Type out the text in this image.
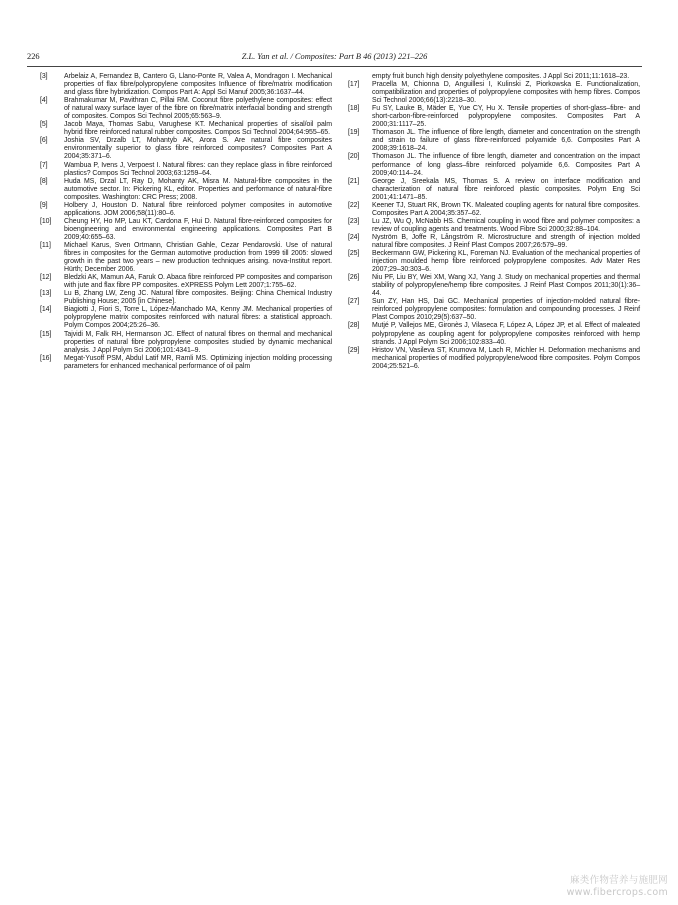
226	Z.L. Yan et al. / Composites: Part B 46 (2013) 221–226
[3]	Arbelaiz A, Fernandez B, Cantero G, Llano-Ponte R, Valea A, Mondragon I. Mechanical properties of flax fibre/polypropylene composites Influence of fibre/matrix modification and glass fibre hybridization. Compos Part A: Appl Sci Manuf 2005;36:1637–44.
[4]	Brahmakumar M, Pavithran C, Pillai RM. Coconut fibre polyethylene composites: effect of natural waxy surface layer of the fibre on fibre/matrix interfacial bonding and strength of composites. Compos Sci Technol 2005;65:563–9.
[5]	Jacob Maya, Thomas Sabu, Varughese KT. Mechanical properties of sisal/oil palm hybrid fibre reinforced natural rubber composites. Compos Sci Technol 2004;64:955–65.
[6]	Joshia SV, Drzalb LT, Mohantyb AK, Arora S. Are natural fibre composites environmentally superior to glass fibre reinforced composites? Composites Part A 2004;35:371–6.
[7]	Wambua P, Ivens J, Verpoest I. Natural fibres: can they replace glass in fibre reinforced plastics? Compos Sci Technol 2003;63:1259–64.
[8]	Huda MS, Drzal LT, Ray D, Mohanty AK, Misra M. Natural-fibre composites in the automotive sector. In: Pickering KL, editor. Properties and performance of natural-fibre composites. Washington: CRC Press; 2008.
[9]	Holbery J, Houston D. Natural fibre reinforced polymer composites in automotive applications. JOM 2006;58(11):80–6.
[10]	Cheung HY, Ho MP, Lau KT, Cardona F, Hui D. Natural fibre-reinforced composites for bioengineering and environmental engineering applications. Composites Part B 2009;40:655–63.
[11]	Michael Karus, Sven Ortmann, Christian Gahle, Cezar Pendarovski. Use of natural fibres in composites for the German automotive production from 1999 till 2005: slowed growth in the past two years – new production techniques arising. nova-Institut report. Hürth; December 2006.
[12]	Bledzki AK, Mamun AA, Faruk O. Abaca fibre reinforced PP composites and comparison with jute and flax fibre PP composites. eXPRESS Polym Lett 2007;1:755–62.
[13]	Lu B, Zhang LW, Zeng JC. Natural fibre composites. Beijing: China Chemical Industry Publishing House; 2005 [in Chinese].
[14]	Biagiotti J, Fiori S, Torre L, López-Manchado MA, Kenny JM. Mechanical properties of polypropylene matrix composites reinforced with natural fibres: a statistical approach. Polym Compos 2004;25:26–36.
[15]	Tajvidi M, Falk RH, Hermanson JC. Effect of natural fibres on thermal and mechanical properties of natural fibre polypropylene composites studied by dynamic mechanical analysis. J Appl Polym Sci 2006;101:4341–9.
[16]	Megat-Yusoff PSM, Abdul Latif MR, Ramli MS. Optimizing injection molding processing parameters for enhanced mechanical performance of oil palm
empty fruit bunch high density polyethylene composites. J Appl Sci 2011;11:1618–23.
[17]	Pracella M, Chionna D, Anguillesi I, Kulinski Z, Piorkowska E. Functionalization, compatibilization and properties of polypropylene composites with hemp fibres. Compos Sci Technol 2006;66(13):2218–30.
[18]	Fu SY, Lauke B, Mäder E, Yue CY, Hu X. Tensile properties of short-glass–fibre- and short-carbon-fibre-reinforced polypropylene composites. Composites Part A 2000;31:1117–25.
[19]	Thomason JL. The influence of fibre length, diameter and concentration on the strength and strain to failure of glass fibre-reinforced polyamide 6,6. Composites Part A 2008;39:1618–24.
[20]	Thomason JL. The influence of fibre length, diameter and concentration on the impact performance of long glass–fibre reinforced polyamide 6,6. Composites Part A 2009;40:114–24.
[21]	George J, Sreekala MS, Thomas S. A review on interface modification and characterization of natural fibre reinforced plastic composites. Polym Eng Sci 2001;41:1471–85.
[22]	Keener TJ, Stuart RK, Brown TK. Maleated coupling agents for natural fibre composites. Composites Part A 2004;35:357–62.
[23]	Lu JZ, Wu Q, McNabb HS. Chemical coupling in wood fibre and polymer composites: a review of coupling agents and treatments. Wood Fibre Sci 2000;32:88–104.
[24]	Nyström B, Joffe R, Långström R. Microstructure and strength of injection molded natural fibre composites. J Reinf Plast Compos 2007;26:579–99.
[25]	Beckermann GW, Pickering KL, Foreman NJ. Evaluation of the mechanical properties of injection moulded hemp fibre reinforced polypropylene composites. Adv Mater Res 2007;29–30:303–6.
[26]	Niu PF, Liu BY, Wei XM, Wang XJ, Yang J. Study on mechanical properties and thermal stability of polypropylene/hemp fibre composites. J Reinf Plast Compos 2011;30(1):36–44.
[27]	Sun ZY, Han HS, Dai GC. Mechanical properties of injection-molded natural fibre-reinforced polypropylene composites: formulation and compounding processes. J Reinf Plast Compos 2010;29(5):637–50.
[28]	Mutjé P, Vallejos ME, Gironès J, Vilaseca F, López A, López JP, et al. Effect of maleated polypropylene as coupling agent for polypropylene composites reinforced with hemp strands. J Appl Polym Sci 2006;102:833–40.
[29]	Hristov VN, Vasileva ST, Krumova M, Lach R, Michler H. Deformation mechanisms and mechanical properties of modified polypropylene/wood fibre composites. Polym Compos 2004;25:521–6.
麻类作物营养与施肥网
www.fibercrops.com
